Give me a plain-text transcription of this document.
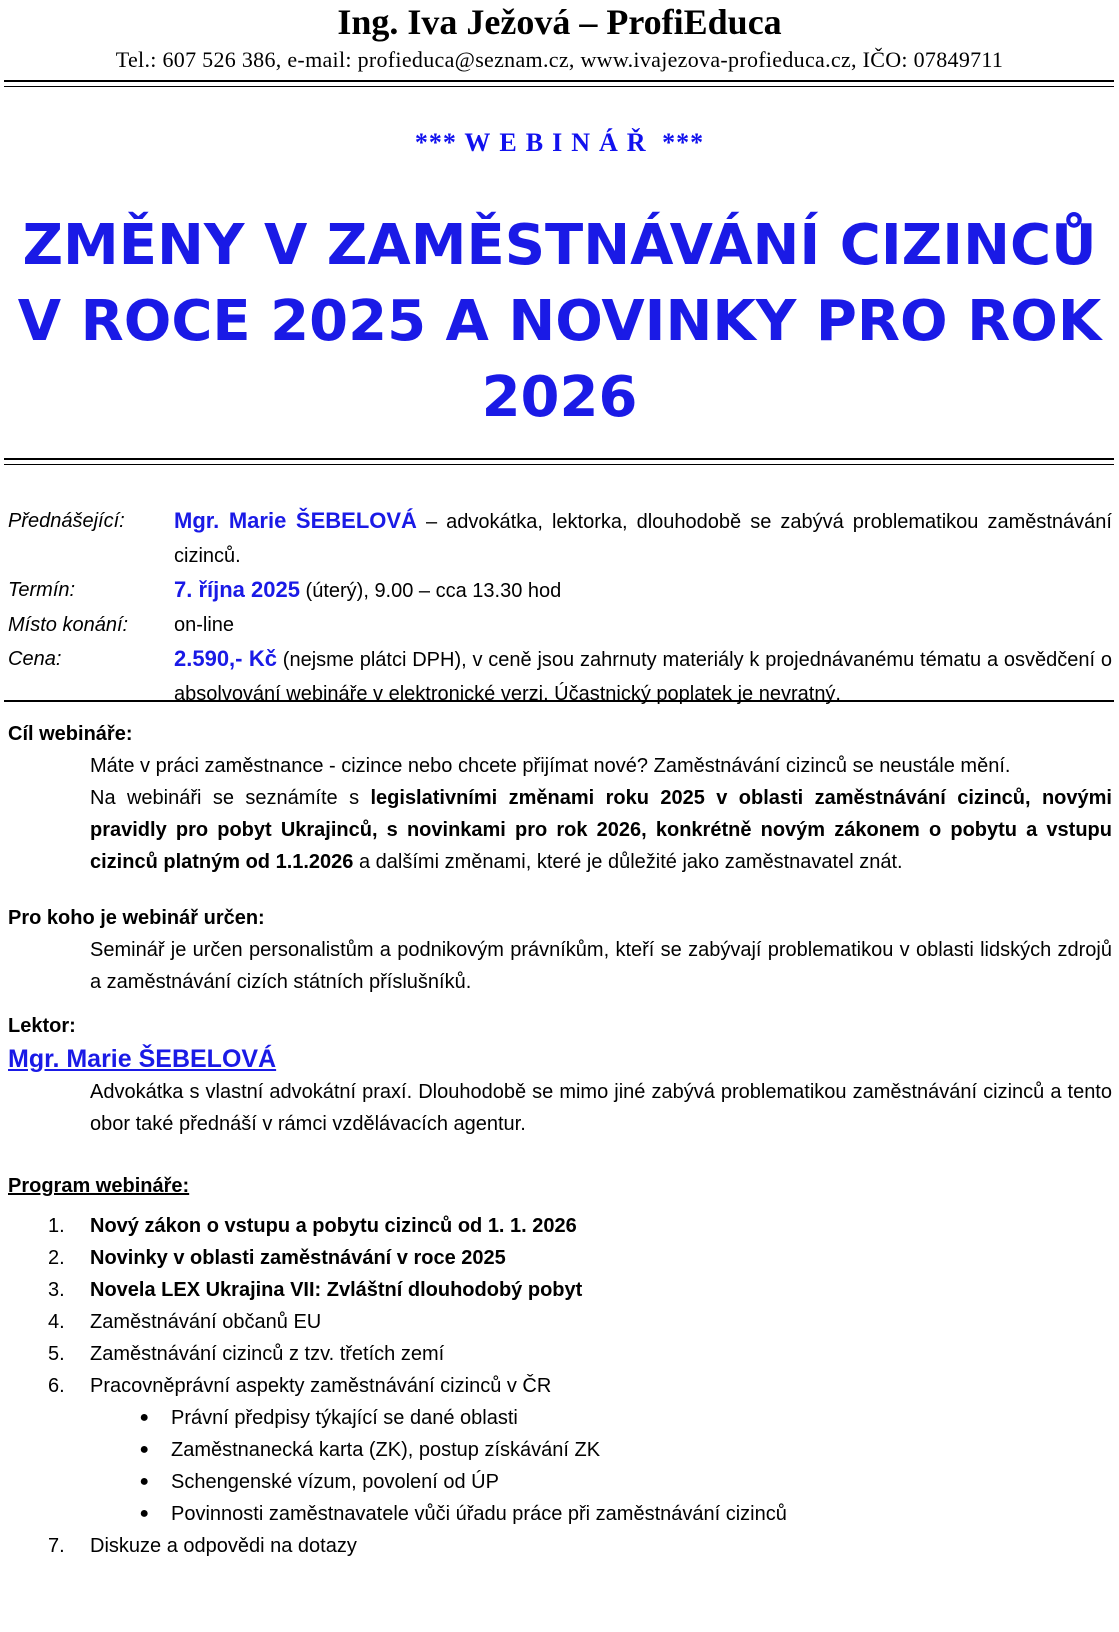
Ing. Iva Ježová – ProfiEduca
Tel.: 607 526 386, e-mail: profieduca@seznam.cz, www.ivajezova-profieduca.cz, IČO: 07849711
*** WEBINÁŘ ***
ZMĚNY V ZAMĚSTNÁVÁNÍ CIZINCŮ
V ROCE 2025 A NOVINKY PRO ROK
2026
Přednášející:	Mgr. Marie ŠEBELOVÁ – advokátka, lektorka, dlouhodobě se zabývá problematikou zaměstnávání cizinců.
Termín:	7. října 2025 (úterý), 9.00 – cca 13.30 hod
Místo konání:	on-line
Cena:	2.590,- Kč (nejsme plátci DPH), v ceně jsou zahrnuty materiály k projednávanému tématu a osvědčení o absolvování webináře v elektronické verzi. Účastnický poplatek je nevratný.
Cíl webináře:

Máte v práci zaměstnance - cizince nebo chcete přijímat nové? Zaměstnávání cizinců se neustále mění.

Na webináři se seznámíte s legislativními změnami roku 2025 v oblasti zaměstnávání cizinců, novými pravidly pro pobyt Ukrajinců, s novinkami pro rok 2026, konkrétně novým zákonem o pobytu a vstupu cizinců platným od 1.1.2026 a dalšími změnami, které je důležité jako zaměstnavatel znát.

Pro koho je webinář určen:

Seminář je určen personalistům a podnikovým právníkům, kteří se zabývají problematikou v oblasti lidských zdrojů a zaměstnávání cizích státních příslušníků.

Lektor:
Mgr. Marie ŠEBELOVÁ

Advokátka s vlastní advokátní praxí. Dlouhodobě se mimo jiné zabývá problematikou zaměstnávání cizinců a tento obor také přednáší v rámci vzdělávacích agentur.

Program webináře:
1.	Nový zákon o vstupu a pobytu cizinců od 1. 1. 2026
2.	Novinky v oblasti zaměstnávání v roce 2025
3.	Novela LEX Ukrajina VII: Zvláštní dlouhodobý pobyt
4.	Zaměstnávání občanů EU
5.	Zaměstnávání cizinců z tzv. třetích zemí
6.	Pracovněprávní aspekty zaměstnávání cizinců v ČR
●	Právní předpisy týkající se dané oblasti
●	Zaměstnanecká karta (ZK), postup získávání ZK
●	Schengenské vízum, povolení od ÚP
●	Povinnosti zaměstnavatele vůči úřadu práce při zaměstnávání cizinců
7.	Diskuze a odpovědi na dotazy
